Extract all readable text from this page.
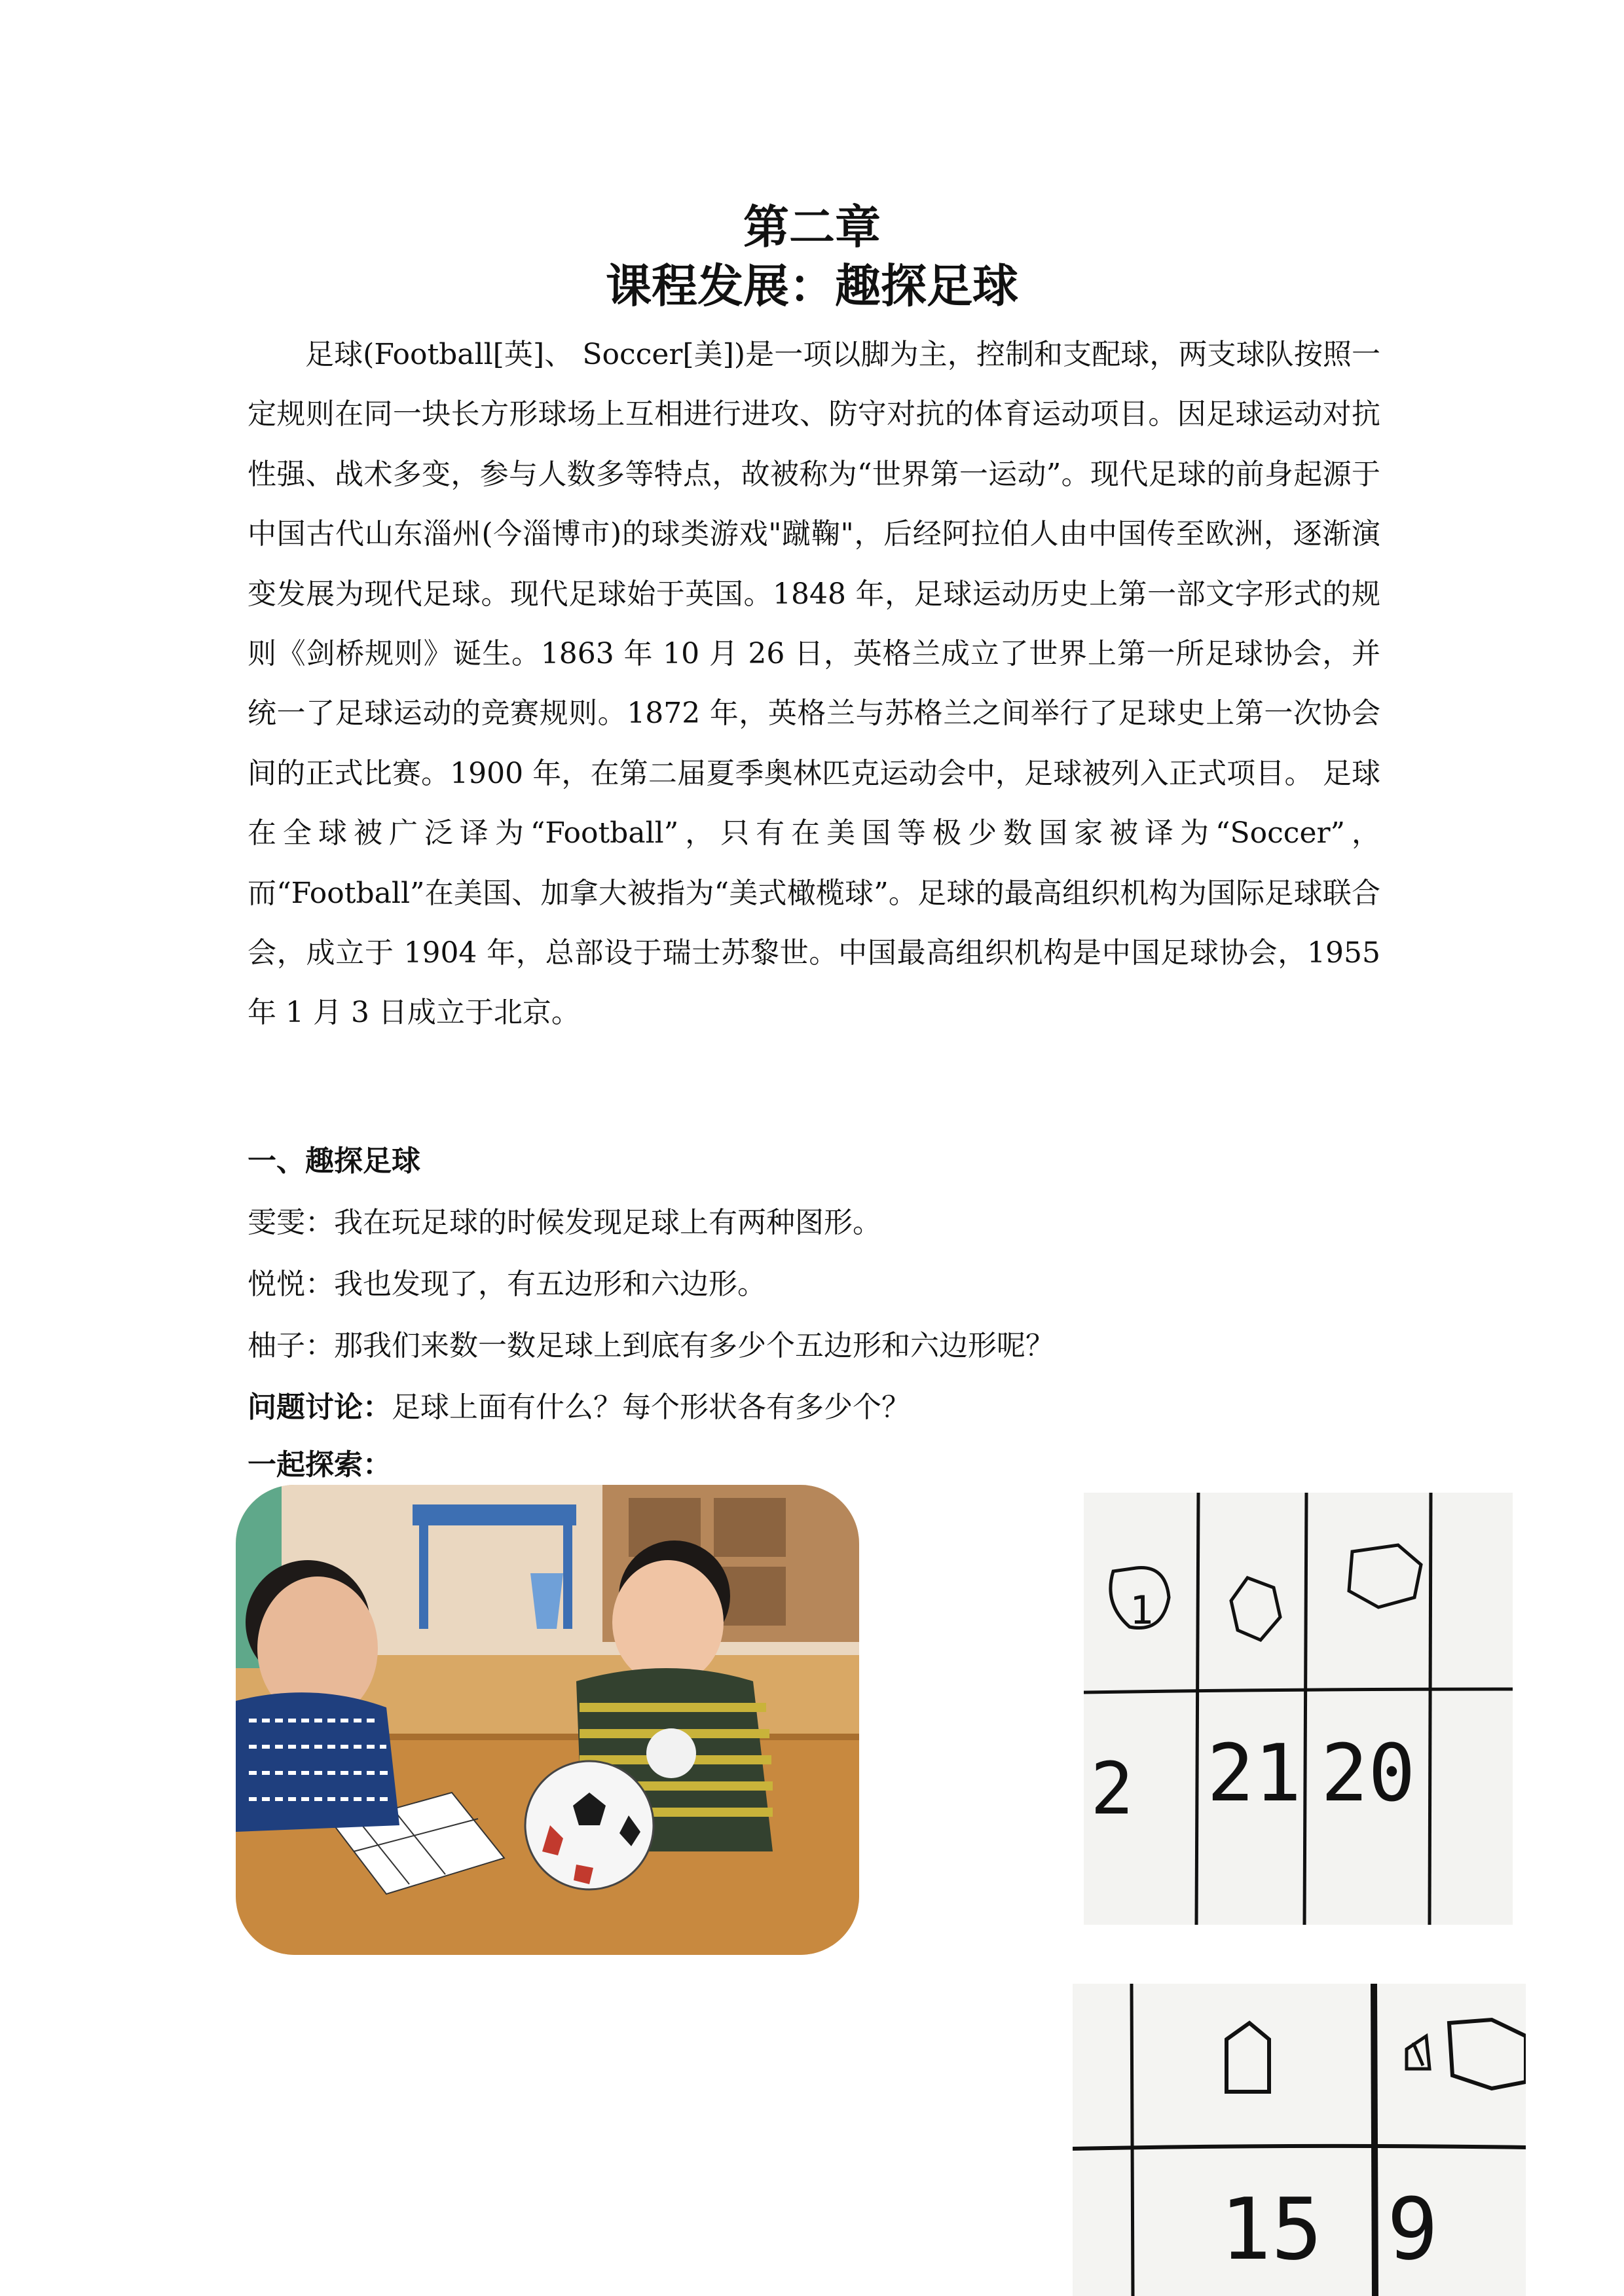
第二章
课程发展：趣探足球

足球(Football[英]、 Soccer[美])是一项以脚为主，控制和支配球，两支球队按照一定规则在同一块长方形球场上互相进行进攻、防守对抗的体育运动项目。因足球运动对抗性强、战术多变，参与人数多等特点，故被称为“世界第一运动”。现代足球的前身起源于中国古代山东淄州(今淄博市)的球类游戏"蹴鞠"，后经阿拉伯人由中国传至欧洲，逐渐演变发展为现代足球。现代足球始于英国。1848 年，足球运动历史上第一部文字形式的规则《剑桥规则》诞生。1863 年 10 月 26 日，英格兰成立了世界上第一所足球协会，并统一了足球运动的竞赛规则。1872 年，英格兰与苏格兰之间举行了足球史上第一次协会间的正式比赛。1900 年，在第二届夏季奥林匹克运动会中，足球被列入正式项目。 足球在全球被广泛译为“Football”，只有在美国等极少数国家被译为“Soccer”，而“Football”在美国、加拿大被指为“美式橄榄球”。足球的最高组织机构为国际足球联合会，成立于 1904 年，总部设于瑞士苏黎世。中国最高组织机构是中国足球协会，1955 年 1 月 3 日成立于北京。

一、趣探足球
雯雯：我在玩足球的时候发现足球上有两种图形。
悦悦：我也发现了，有五边形和六边形。
柚子：那我们来数一数足球上到底有多少个五边形和六边形呢？
问题讨论：足球上面有什么？每个形状各有多少个？
一起探索：
1
2 21 20
15 9
